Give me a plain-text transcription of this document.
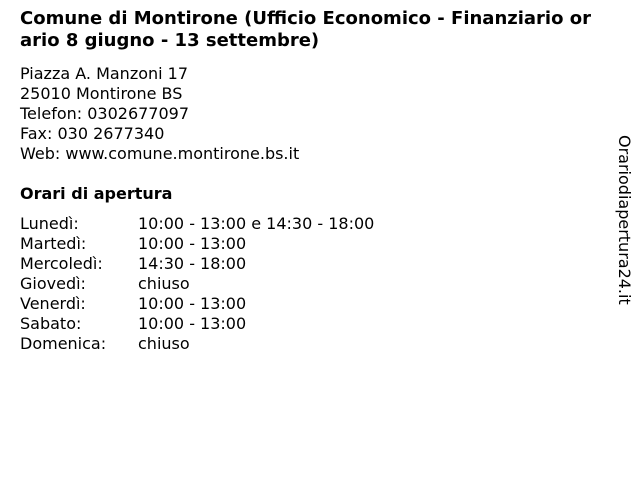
Comune di Montirone (Ufficio Economico - Finanziario orario 8 giugno - 13 settembre)
Piazza A. Manzoni 17
25010 Montirone BS
Telefon: 0302677097
Fax: 030 2677340
Web: www.comune.montirone.bs.it
Orari di apertura
Lunedì:	10:00 - 13:00 e 14:30 - 18:00
Martedì:	10:00 - 13:00
Mercoledì:	14:30 - 18:00
Giovedì:	chiuso
Venerdì:	10:00 - 13:00
Sabato:	10:00 - 13:00
Domenica:	chiuso
Orariodiapertura24.it
